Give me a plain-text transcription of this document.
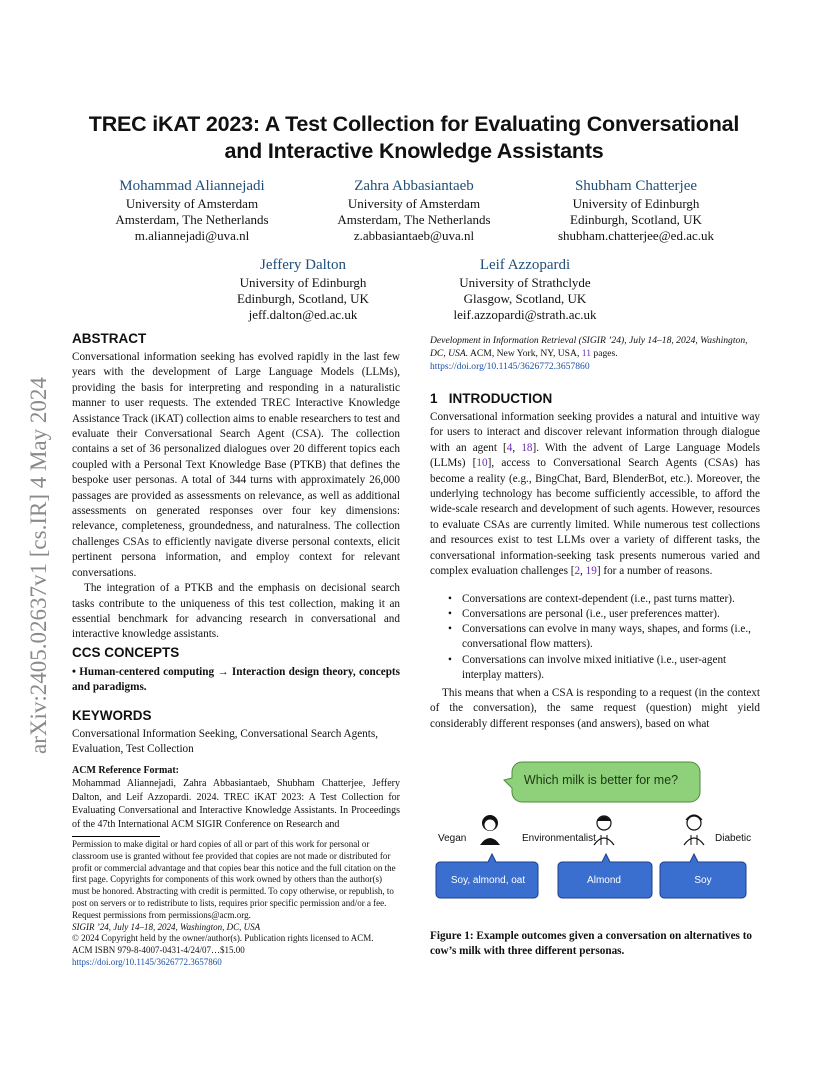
arXiv:2405.02637v1 [cs.IR] 4 May 2024
TREC iKAT 2023: A Test Collection for Evaluating Conversational
and Interactive Knowledge Assistants
Mohammad Aliannejadi
University of Amsterdam
Amsterdam, The Netherlands
m.aliannejadi@uva.nl
Zahra Abbasiantaeb
University of Amsterdam
Amsterdam, The Netherlands
z.abbasiantaeb@uva.nl
Shubham Chatterjee
University of Edinburgh
Edinburgh, Scotland, UK
shubham.chatterjee@ed.ac.uk
Jeffery Dalton
University of Edinburgh
Edinburgh, Scotland, UK
jeff.dalton@ed.ac.uk
Leif Azzopardi
University of Strathclyde
Glasgow, Scotland, UK
leif.azzopardi@strath.ac.uk
ABSTRACT

Conversational information seeking has evolved rapidly in the last few years with the development of Large Language Models (LLMs), providing the basis for interpreting and responding in a naturalistic manner to user requests. The extended TREC Interactive Knowledge Assistance Track (iKAT) collection aims to enable researchers to test and evaluate their Conversational Search Agent (CSA). The collection contains a set of 36 personalized dialogues over 20 different topics each coupled with a Personal Text Knowledge Base (PTKB) that defines the bespoke user personas. A total of 344 turns with approximately 26,000 passages are provided as assessments on relevance, as well as additional assessments on generated responses over four key dimensions: relevance, completeness, groundedness, and naturalness. The collection challenges CSAs to efficiently navigate diverse personal contexts, elicit pertinent persona information, and employ context for relevant conversations.

The integration of a PTKB and the emphasis on decisional search tasks contribute to the uniqueness of this test collection, making it an essential benchmark for advancing research in conversational and interactive knowledge assistants.

CCS CONCEPTS
• Human-centered computing → Interaction design theory, concepts and paradigms.
KEYWORDS
Conversational Information Seeking, Conversational Search Agents, Evaluation, Test Collection
ACM Reference Format:
Mohammad Aliannejadi, Zahra Abbasiantaeb, Shubham Chatterjee, Jeffery Dalton, and Leif Azzopardi. 2024. TREC iKAT 2023: A Test Collection for Evaluating Conversational and Interactive Knowledge Assistants. In Proceedings of the 47th International ACM SIGIR Conference on Research and
Permission to make digital or hard copies of all or part of this work for personal or classroom use is granted without fee provided that copies are not made or distributed for profit or commercial advantage and that copies bear this notice and the full citation on the first page. Copyrights for components of this work owned by others than the author(s) must be honored. Abstracting with credit is permitted. To copy otherwise, or republish, to post on servers or to redistribute to lists, requires prior specific permission and/or a fee. Request permissions from permissions@acm.org.
SIGIR ’24, July 14–18, 2024, Washington, DC, USA
© 2024 Copyright held by the owner/author(s). Publication rights licensed to ACM.
ACM ISBN 979-8-4007-0431-4/24/07…$15.00
https://doi.org/10.1145/3626772.3657860
Development in Information Retrieval (SIGIR ’24), July 14–18, 2024, Washington, DC, USA. ACM, New York, NY, USA, 11 pages. https://doi.org/10.1145/3626772.3657860
1   INTRODUCTION
Conversational information seeking provides a natural and intuitive way for users to interact and discover relevant information through dialogue with an agent [4, 18]. With the advent of Large Language Models (LLMs) [10], access to Conversational Search Agents (CSAs) has become a reality (e.g., BingChat, Bard, BlenderBot, etc.). Moreover, the underlying technology has become sufficiently accessible, to afford the wide-scale research and development of such agents. However, resources to evaluate CSAs are currently limited. While numerous test collections and resources exist to test LLMs over a variety of different tasks, the conversational information-seeking task presents numerous varied and complex evaluation challenges [2, 19] for a number of reasons.
• Conversations are context-dependent (i.e., past turns matter).
• Conversations are personal (i.e., user preferences matter).
• Conversations can evolve in many ways, shapes, and forms (i.e., conversational flow matters).
• Conversations can involve mixed initiative (i.e., user-agent interplay matters).
This means that when a CSA is responding to a request (in the context of the conversation), the same request (question) might yield considerably different responses (and answers), based on what
Which milk is better for me?
Vegan	Environmentalist	Diabetic
Soy, almond, oat	Almond	Soy
Figure 1: Example outcomes given a conversation on alternatives to cow’s milk with three different personas.
